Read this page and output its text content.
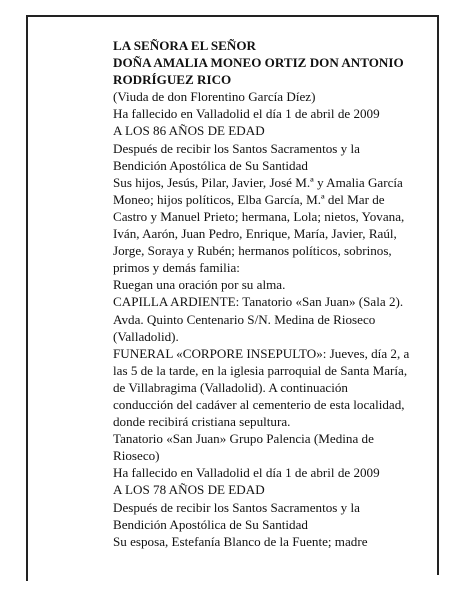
LA SEÑORA EL SEÑOR
DOÑA AMALIA MONEO ORTIZ DON ANTONIO
RODRÍGUEZ RICO
(Viuda de don Florentino García Díez)
Ha fallecido en Valladolid el día 1 de abril de 2009
A LOS 86 AÑOS DE EDAD
Después de recibir los Santos Sacramentos y la
Bendición Apostólica de Su Santidad
Sus hijos, Jesús, Pilar, Javier, José M.ª y Amalia García
Moneo; hijos políticos, Elba García, M.ª del Mar de
Castro y Manuel Prieto; hermana, Lola; nietos, Yovana,
Iván, Aarón, Juan Pedro, Enrique, María, Javier, Raúl,
Jorge, Soraya y Rubén; hermanos políticos, sobrinos,
primos y demás familia:
Ruegan una oración por su alma.
CAPILLA ARDIENTE: Tanatorio «San Juan» (Sala 2).
Avda. Quinto Centenario S/N. Medina de Rioseco
(Valladolid).
FUNERAL «CORPORE INSEPULTO»: Jueves, día 2, a
las 5 de la tarde, en la iglesia parroquial de Santa María,
de Villabragima (Valladolid). A continuación
conducción del cadáver al cementerio de esta localidad,
donde recibirá cristiana sepultura.
Tanatorio «San Juan» Grupo Palencia (Medina de
Rioseco)
Ha fallecido en Valladolid el día 1 de abril de 2009
A LOS 78 AÑOS DE EDAD
Después de recibir los Santos Sacramentos y la
Bendición Apostólica de Su Santidad
Su esposa, Estefanía Blanco de la Fuente; madre
